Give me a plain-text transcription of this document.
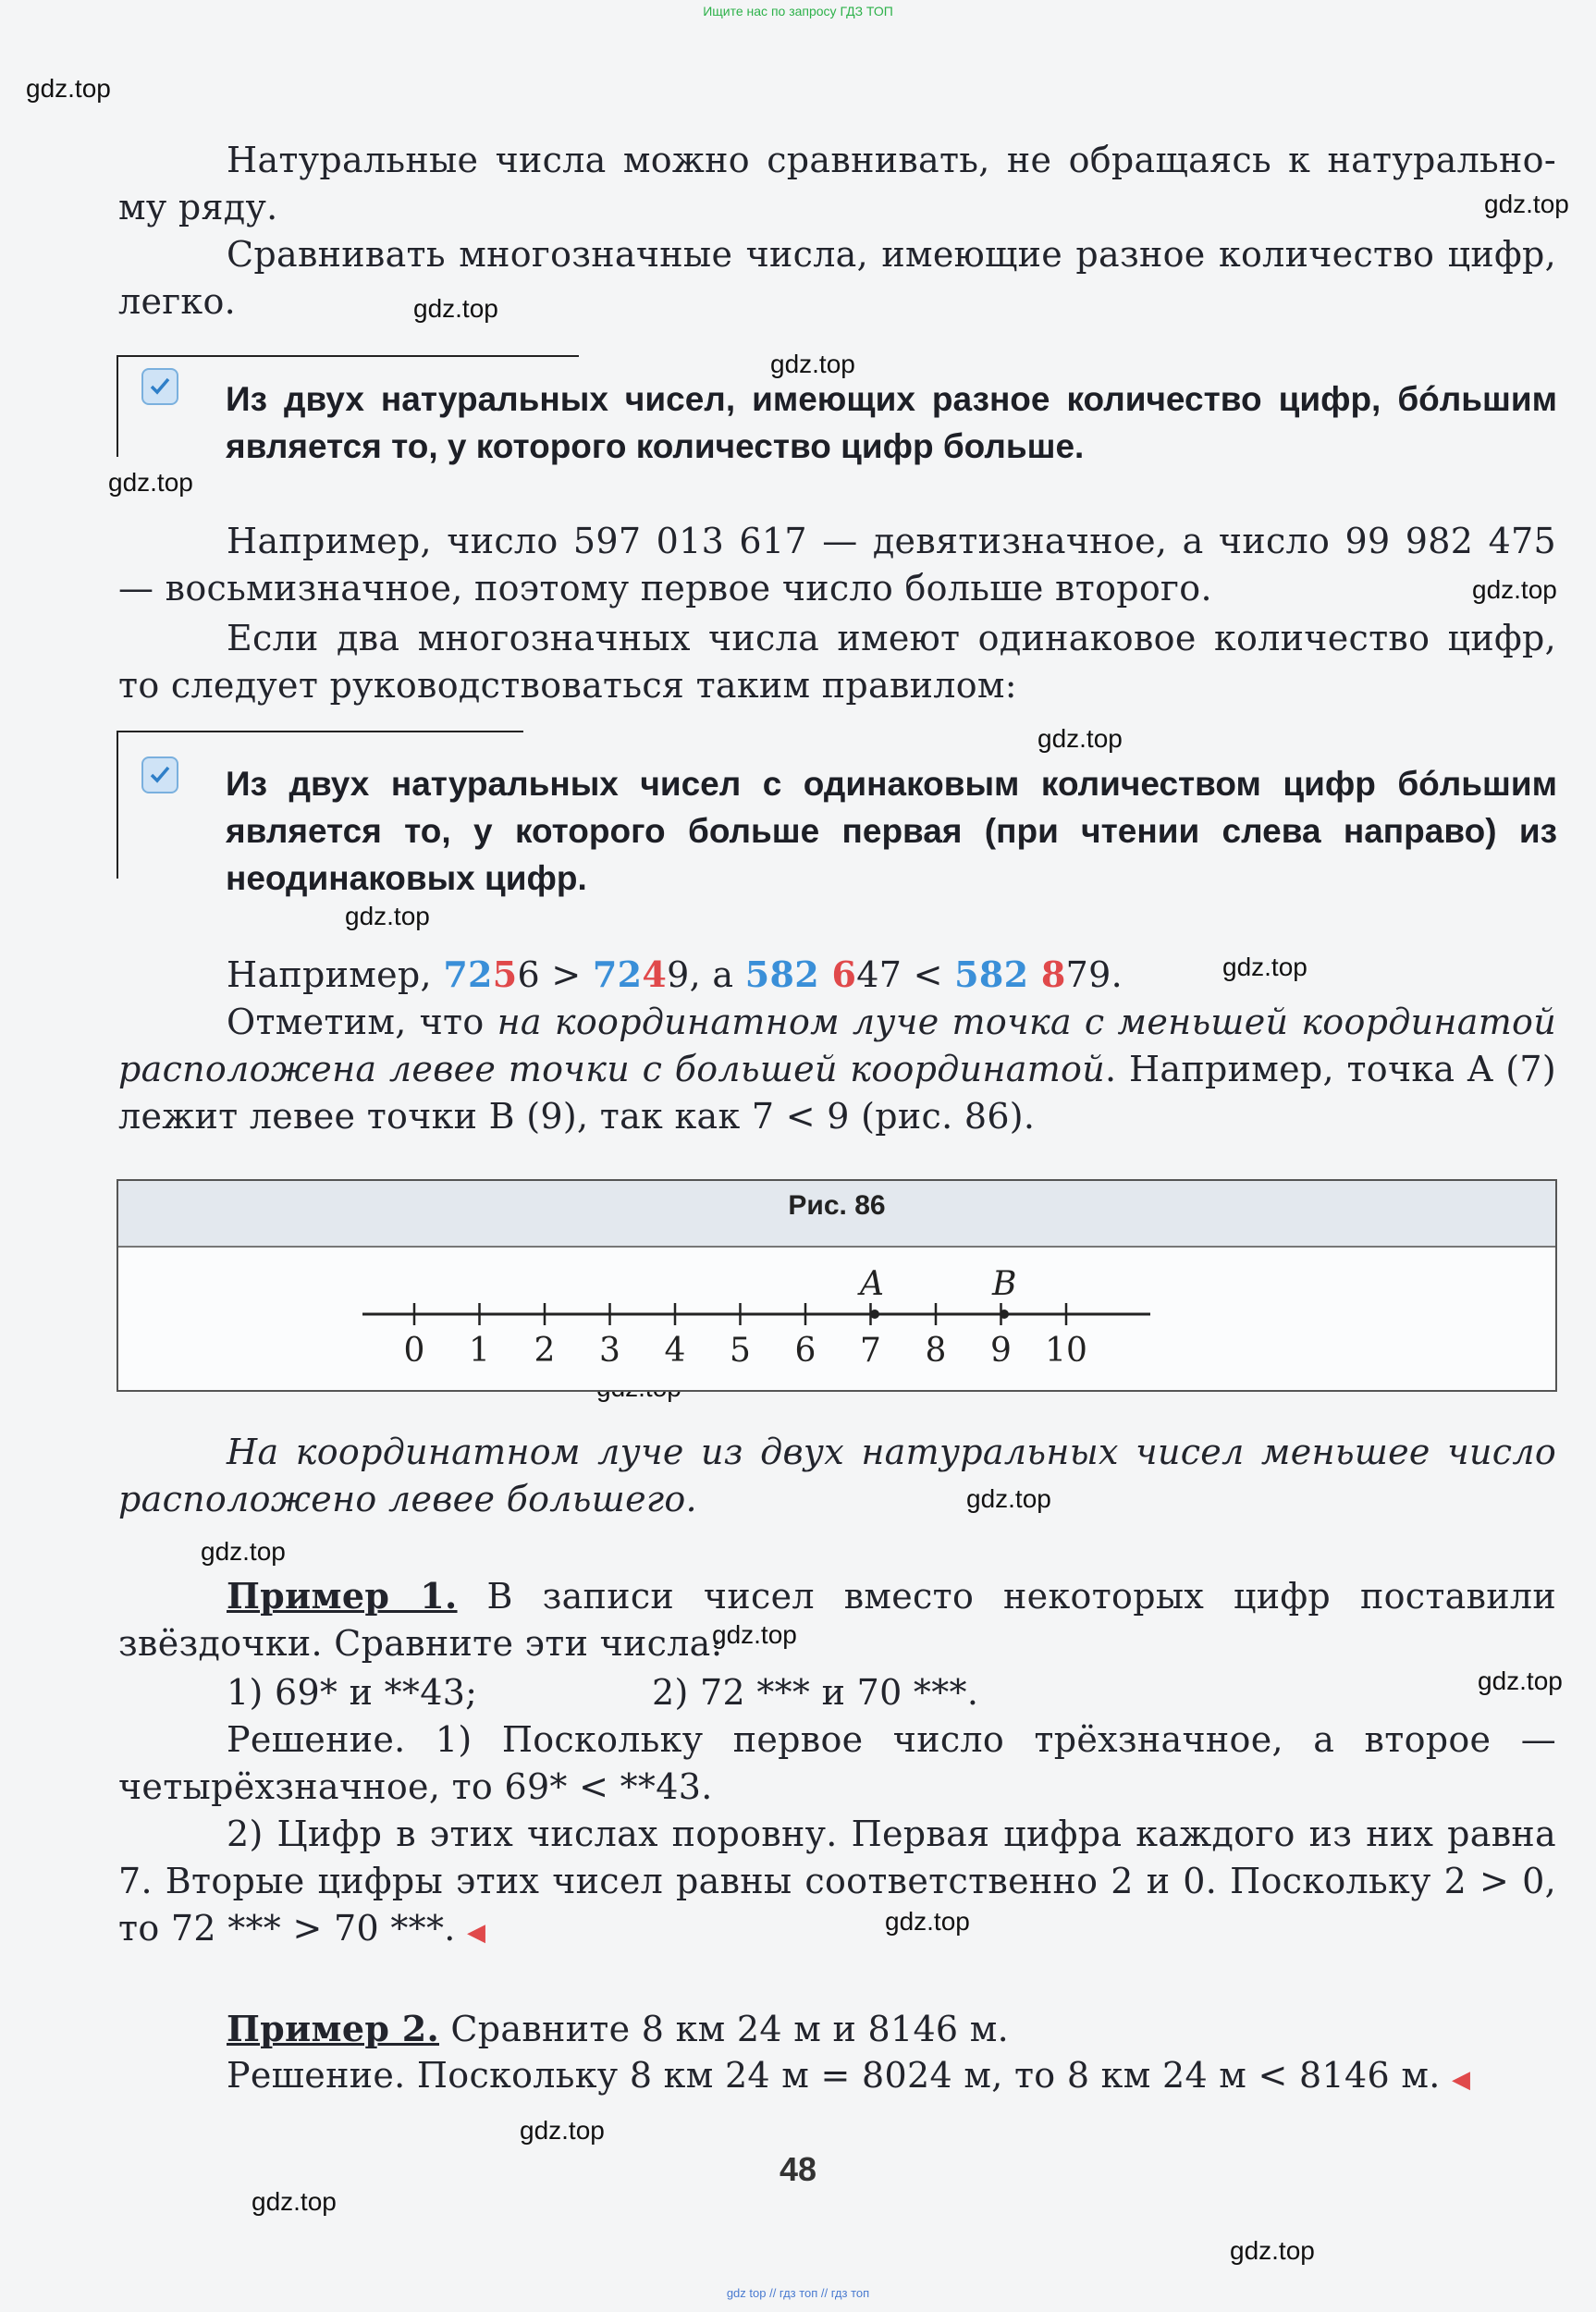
Ищите нас по запросу ГДЗ ТОП
gdz.top
gdz.top
gdz.top
gdz.top
gdz.top
gdz.top
gdz.top
gdz.top
gdz.top
gdz.top
gdz.top
gdz.top
gdz.top
gdz.top
gdz.top
gdz.top
gdz.top
Натуральные числа можно сравнивать, не обращаясь к натурально-му ряду.
Сравнивать многозначные числа, имеющие разное количество цифр, легко.
Из двух натуральных чисел, имеющих разное количество цифр, бóльшим является то, у которого количество цифр больше.
Например, число 597 013 617 — девятизначное, а число 99 982 475 — восьмизначное, поэтому первое число больше второго.
Если два многозначных числа имеют одинаковое количество цифр, то следует руководствоваться таким правилом:
Из двух натуральных чисел с одинаковым количеством цифр бóльшим является то, у которого больше первая (при чтении слева направо) из неодинаковых цифр.
Например, 7256 > 7249, а 582 647 < 582 879.
Отметим, что на координатном луче точка с меньшей координатой расположена левее точки с большей координатой. Например, точка A (7) лежит левее точки B (9), так как 7 < 9 (рис. 86).
Рис. 86
A	B
0	1	2	3	4	5	6	7	8	9	10
На координатном луче из двух натуральных чисел меньшее число расположено левее большего.
Пример 1. В записи чисел вместо некоторых цифр поставили звёздочки. Сравните эти числа:
1) 69* и **43;	2) 72 *** и 70 ***.
Решение. 1) Поскольку первое число трёхзначное, а второе — четырёхзначное, то 69* < **43.
2) Цифр в этих числах поровну. Первая цифра каждого из них равна 7. Вторые цифры этих чисел равны соответственно 2 и 0. Поскольку 2 > 0, то 72 *** > 70 ***. ◀
Пример 2. Сравните 8 км 24 м и 8146 м.
Решение. Поскольку 8 км 24 м = 8024 м, то 8 км 24 м < 8146 м. ◀
48
gdz top // гдз топ // гдз топ
